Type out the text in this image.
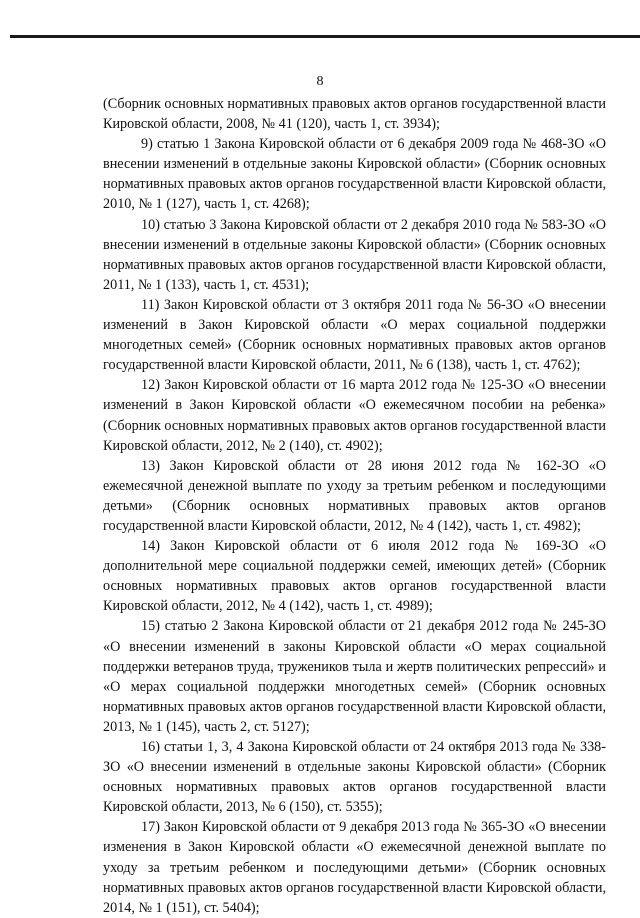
8

(Сборник основных нормативных правовых актов органов государственной власти Кировской области, 2008, № 41 (120), часть 1, ст. 3934);

9) статью 1 Закона Кировской области от 6 декабря 2009 года № 468-ЗО «О внесении изменений в отдельные законы Кировской области» (Сборник основных нормативных правовых актов органов государственной власти Кировской области, 2010, № 1 (127), часть 1, ст. 4268);

10) статью 3 Закона Кировской области от 2 декабря 2010 года № 583-ЗО «О внесении изменений в отдельные законы Кировской области» (Сборник основных нормативных правовых актов органов государственной власти Кировской области, 2011, № 1 (133), часть 1, ст. 4531);

11) Закон Кировской области от 3 октября 2011 года № 56-ЗО «О внесении изменений в Закон Кировской области «О мерах социальной поддержки многодетных семей» (Сборник основных нормативных правовых актов органов государственной власти Кировской области, 2011, № 6 (138), часть 1, ст. 4762);

12) Закон Кировской области от 16 марта 2012 года № 125-ЗО «О внесении изменений в Закон Кировской области «О ежемесячном пособии на ребенка» (Сборник основных нормативных правовых актов органов государственной власти Кировской области, 2012, № 2 (140), ст. 4902);

13) Закон Кировской области от 28 июня 2012 года № 162-ЗО «О ежемесячной денежной выплате по уходу за третьим ребенком и последующими детьми» (Сборник основных нормативных правовых актов органов государственной власти Кировской области, 2012, № 4 (142), часть 1, ст. 4982);

14) Закон Кировской области от 6 июля 2012 года № 169-ЗО «О дополнительной мере социальной поддержки семей, имеющих детей» (Сборник основных нормативных правовых актов органов государственной власти Кировской области, 2012, № 4 (142), часть 1, ст. 4989);

15) статью 2 Закона Кировской области от 21 декабря 2012 года № 245-ЗО «О внесении изменений в законы Кировской области «О мерах социальной поддержки ветеранов труда, тружеников тыла и жертв политических репрессий» и «О мерах социальной поддержки многодетных семей» (Сборник основных нормативных правовых актов органов государственной власти Кировской области, 2013, № 1 (145), часть 2, ст. 5127);

16) статьи 1, 3, 4 Закона Кировской области от 24 октября 2013 года № 338-ЗО «О внесении изменений в отдельные законы Кировской области» (Сборник основных нормативных правовых актов органов государственной власти Кировской области, 2013, № 6 (150), ст. 5355);

17) Закон Кировской области от 9 декабря 2013 года № 365-ЗО «О внесении изменения в Закон Кировской области «О ежемесячной денежной выплате по уходу за третьим ребенком и последующими детьми» (Сборник основных нормативных правовых актов органов государственной власти Кировской области, 2014, № 1 (151), ст. 5404);
